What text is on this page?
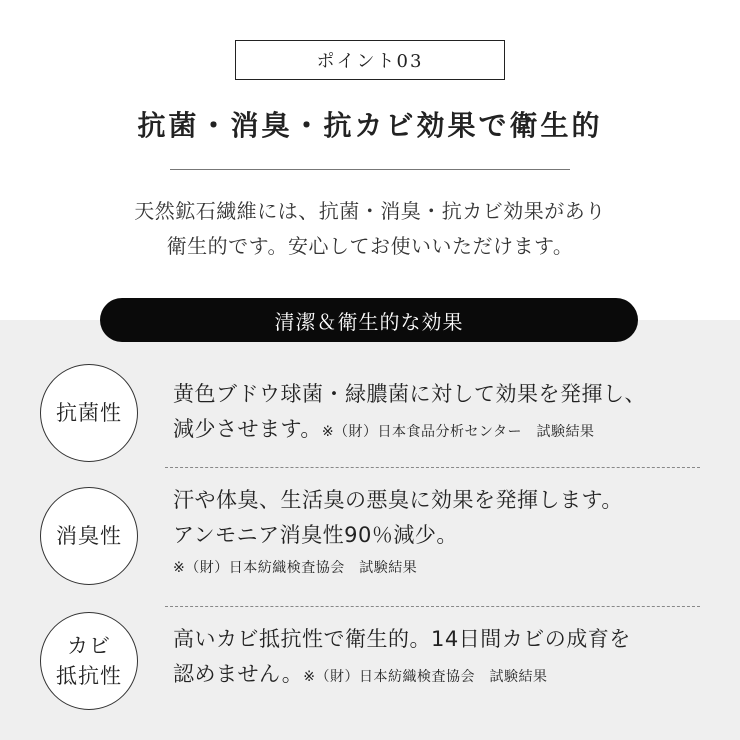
ポイント03
抗菌・消臭・抗カビ効果で衛生的
天然鉱石繊維には、抗菌・消臭・抗カビ効果があり
衛生的です。安心してお使いいただけます。
清潔＆衛生的な効果
抗菌性
黄色ブドウ球菌・緑膿菌に対して効果を発揮し、
減少させます。※（財）日本食品分析センター　試験結果
消臭性
汗や体臭、生活臭の悪臭に効果を発揮します。
アンモニア消臭性90％減少。
※（財）日本紡織検査協会　試験結果
カビ
抵抗性
高いカビ抵抗性で衛生的。14日間カビの成育を
認めません。※（財）日本紡織検査協会　試験結果
